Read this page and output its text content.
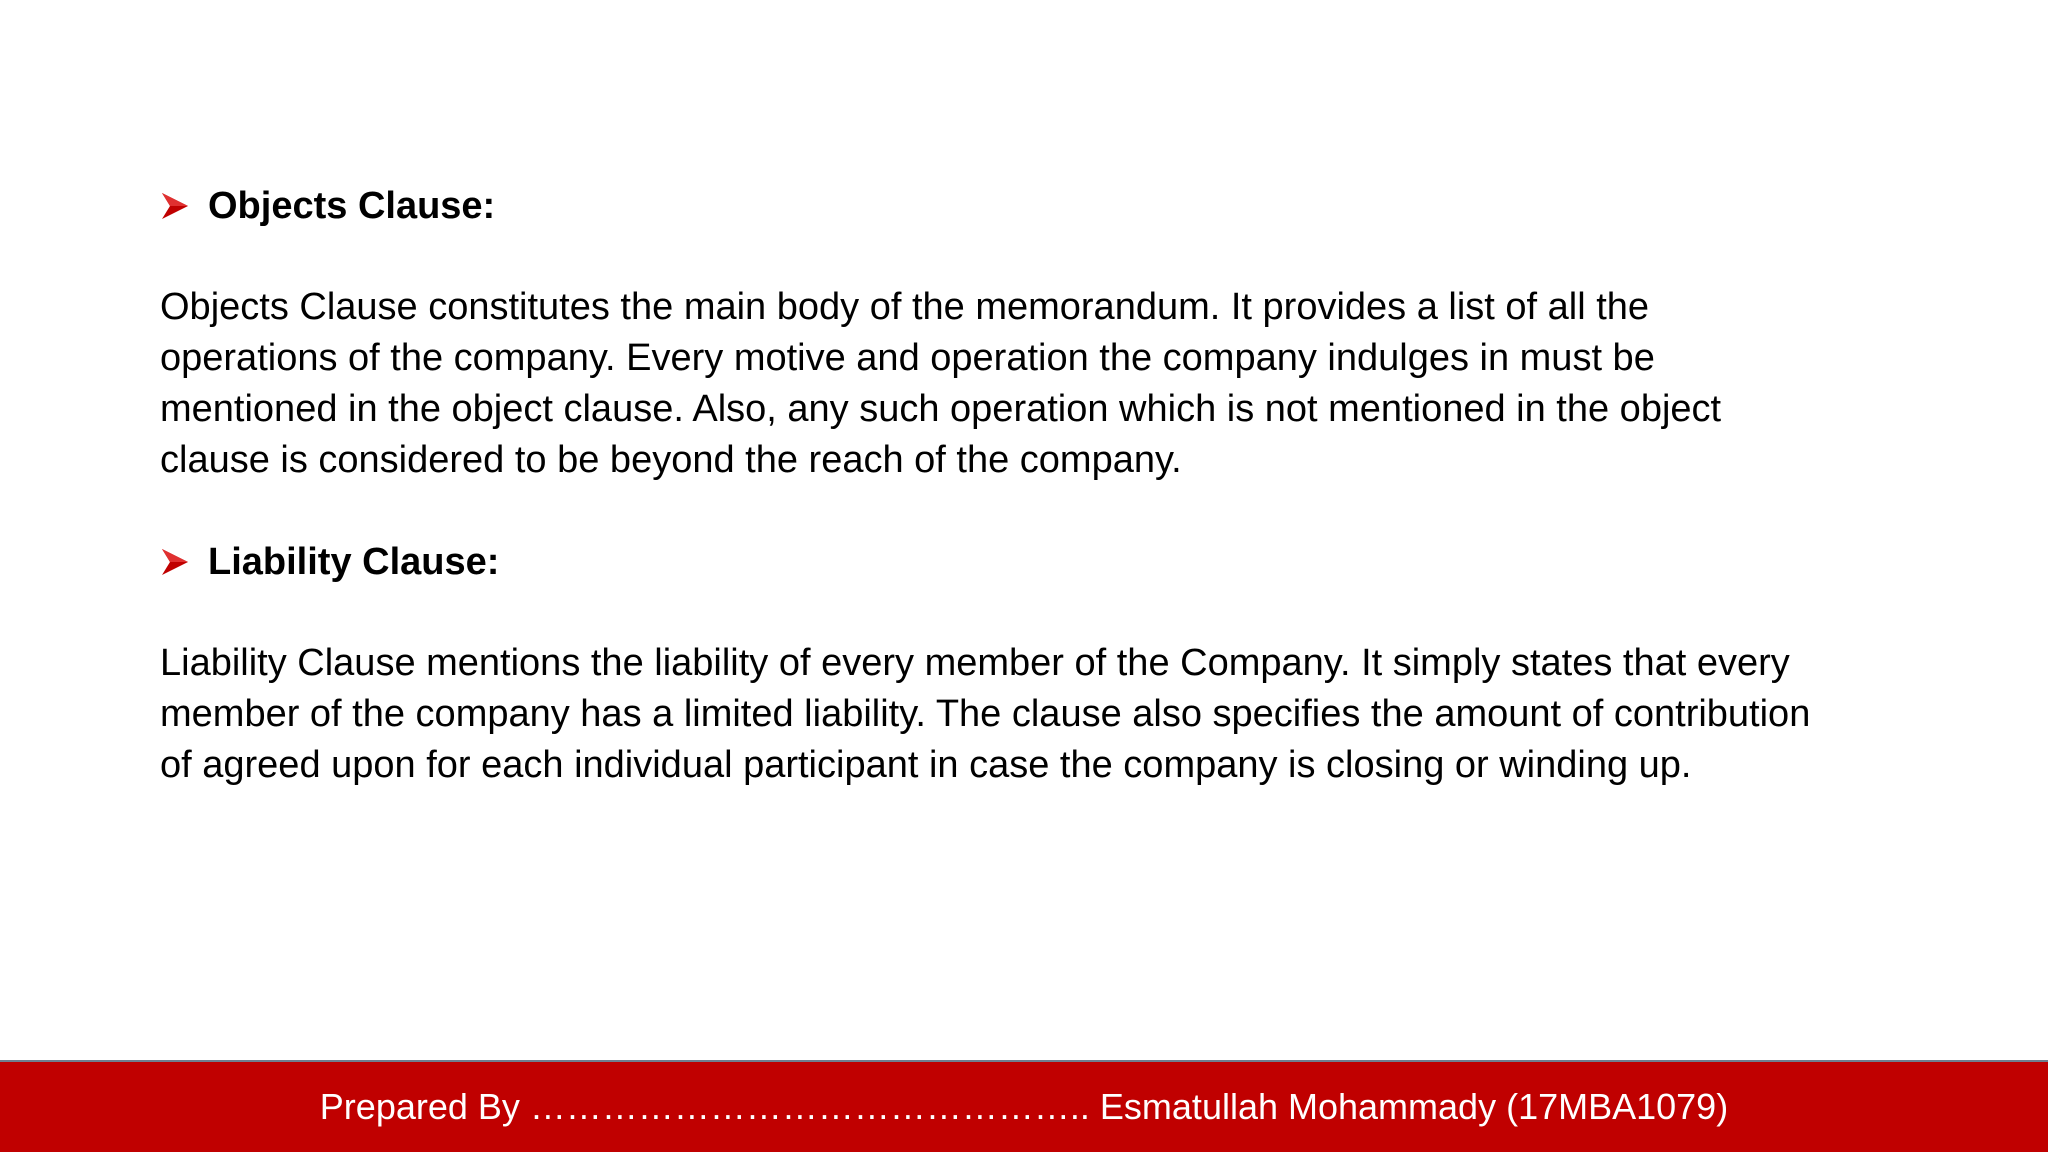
Objects Clause:

Objects Clause constitutes the main body of the memorandum. It provides a list of all the operations of the company. Every motive and operation the company indulges in must be mentioned in the object clause. Also, any such operation which is not mentioned in the object clause is considered to be beyond the reach of the company.

Liability Clause:

Liability Clause mentions the liability of every member of the Company. It simply states that every member of the company has a limited liability. The clause also specifies the amount of contribution of agreed upon for each individual participant in case the company is closing or winding up.

Prepared By ……………………………………….. Esmatullah Mohammady (17MBA1079)
